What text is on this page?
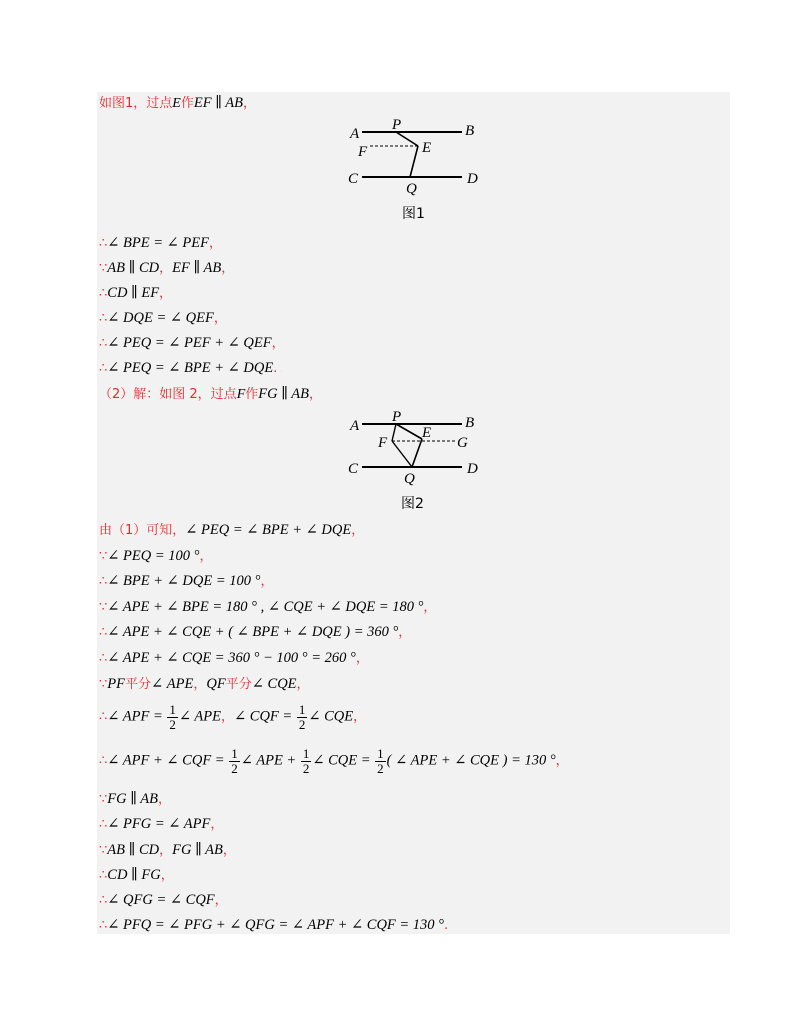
如图1，过点E作EF ∥ AB，
∴∠ BPE = ∠ PEF，
∵AB ∥ CD，EF ∥ AB，
∴CD ∥ EF，
∴∠ DQE = ∠ QEF，
∴∠ PEQ = ∠ PEF + ∠ QEF，
∴∠ PEQ = ∠ BPE + ∠ DQE.
（2）解：如图 2，过点F作FG ∥ AB，
由（1）可知，∠ PEQ = ∠ BPE + ∠ DQE，
∵∠ PEQ = 100 °，
∴∠ BPE + ∠ DQE = 100 °，
∵∠ APE + ∠ BPE = 180 ° , ∠ CQE + ∠ DQE = 180 °，
∴∠ APE + ∠ CQE + ( ∠ BPE + ∠ DQE ) = 360 °，
∴∠ APE + ∠ CQE = 360 ° − 100 ° = 260 °，
∵PF平分∠ APE，QF平分∠ CQE，
∴∠ APF = $\frac{1}{2}$ ∠ APE，∠ CQF = $\frac{1}{2}$ ∠ CQE，
∴∠ APF + ∠ CQF = $\frac{1}{2}$ ∠ APE + $\frac{1}{2}$ ∠ CQE = $\frac{1}{2}$ ( ∠ APE + ∠ CQE ) = 130 °，
∵FG ∥ AB，
∴∠ PFG = ∠ APF，
∵AB ∥ CD，FG ∥ AB，
∴CD ∥ FG，
∴∠ QFG = ∠ CQF，
∴∠ PFQ = ∠ PFG + ∠ QFG = ∠ APF + ∠ CQF = 130 °.
A	B
P
F	E
C
Q
D
图1
A	B
P
F
E
G
C
Q
D
图2
